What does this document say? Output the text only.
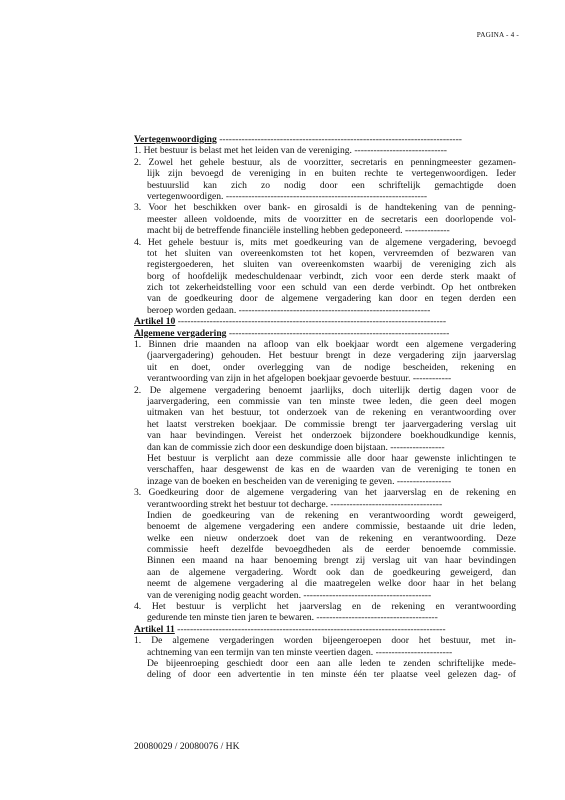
PAGINA - 4 -
Vertegenwoordiging ----------------------------------------------------------------------------
1. Het bestuur is belast met het leiden van de vereniging. -----------------------------
2. Zowel het gehele bestuur, als de voorzitter, secretaris en penningmeester gezamen-
lijk zijn bevoegd de vereniging in en buiten rechte te vertegenwoordigen. Ieder
bestuurslid kan zich zo nodig door een schriftelijk gemachtigde doen
vertegenwoordigen. ---------------------------------------------------------------
3. Voor het beschikken over bank- en girosaldi is de handtekening van de penning-
meester alleen voldoende, mits de voorzitter en de secretaris een doorlopende vol-
macht bij de betreffende financiële instelling hebben gedeponeerd. --------------
4. Het gehele bestuur is, mits met goedkeuring van de algemene vergadering, bevoegd
tot het sluiten van overeenkomsten tot het kopen, vervreemden of bezwaren van
registergoederen, het sluiten van overeenkomsten waarbij de vereniging zich als
borg of hoofdelijk medeschuldenaar verbindt, zich voor een derde sterk maakt of
zich tot zekerheidstelling voor een schuld van een derde verbindt. Op het ontbreken
van de goedkeuring door de algemene vergadering kan door en tegen derden een
beroep worden gedaan. ------------------------------------------------------------
Artikel 10 ------------------------------------------------------------------------------------
Algemene vergadering ---------------------------------------------------------------------
1. Binnen drie maanden na afloop van elk boekjaar wordt een algemene vergadering
(jaarvergadering) gehouden. Het bestuur brengt in deze vergadering zijn jaarverslag
uit en doet, onder overlegging van de nodige bescheiden, rekening en
verantwoording van zijn in het afgelopen boekjaar gevoerde bestuur. ------------
2. De algemene vergadering benoemt jaarlijks, doch uiterlijk dertig dagen voor de
jaarvergadering, een commissie van ten minste twee leden, die geen deel mogen
uitmaken van het bestuur, tot onderzoek van de rekening en verantwoording over
het laatst verstreken boekjaar. De commissie brengt ter jaarvergadering verslag uit
van haar bevindingen. Vereist het onderzoek bijzondere boekhoudkundige kennis,
dan kan de commissie zich door een deskundige doen bijstaan. -----------------
Het bestuur is verplicht aan deze commissie alle door haar gewenste inlichtingen te
verschaffen, haar desgewenst de kas en de waarden van de vereniging te tonen en
inzage van de boeken en bescheiden van de vereniging te geven. -----------------
3. Goedkeuring door de algemene vergadering van het jaarverslag en de rekening en
verantwoording strekt het bestuur tot decharge. -----------------------------------
Indien de goedkeuring van de rekening en verantwoording wordt geweigerd,
benoemt de algemene vergadering een andere commissie, bestaande uit drie leden,
welke een nieuw onderzoek doet van de rekening en verantwoording. Deze
commissie heeft dezelfde bevoegdheden als de eerder benoemde commissie.
Binnen een maand na haar benoeming brengt zij verslag uit van haar bevindingen
aan de algemene vergadering. Wordt ook dan de goedkeuring geweigerd, dan
neemt de algemene vergadering al die maatregelen welke door haar in het belang
van de vereniging nodig geacht worden. ----------------------------------------
4. Het bestuur is verplicht het jaarverslag en de rekening en verantwoording
gedurende ten minste tien jaren te bewaren. --------------------------------------
Artikel 11 ------------------------------------------------------------------------------------
1. De algemene vergaderingen worden bijeengeroepen door het bestuur, met in-
achtneming van een termijn van ten minste veertien dagen. ------------------------
De bijeenroeping geschiedt door een aan alle leden te zenden schriftelijke mede-
deling of door een advertentie in ten minste één ter plaatse veel gelezen dag- of
20080029 / 20080076 / HK
